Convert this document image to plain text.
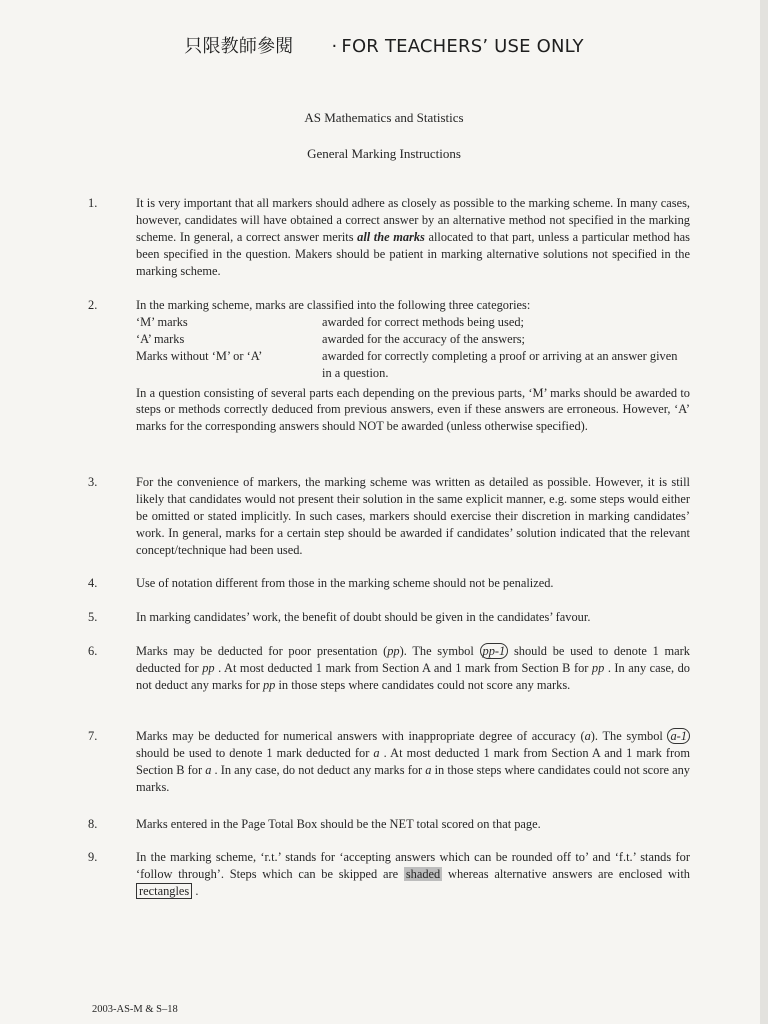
只限教師參閱 · FOR TEACHERS’ USE ONLY
AS Mathematics and Statistics
General Marking Instructions
1.	It is very important that all markers should adhere as closely as possible to the marking scheme. In many cases, however, candidates will have obtained a correct answer by an alternative method not specified in the marking scheme. In general, a correct answer merits all the marks allocated to that part, unless a particular method has been specified in the question. Makers should be patient in marking alternative solutions not specified in the marking scheme.

2.	In the marking scheme, marks are classified into the following three categories:

‘M’ marks	awarded for correct methods being used;
‘A’ marks	awarded for the accuracy of the answers;
Marks without ‘M’ or ‘A’	awarded for correctly completing a proof or arriving at an answer given in a question.

In a question consisting of several parts each depending on the previous parts, ‘M’ marks should be awarded to steps or methods correctly deduced from previous answers, even if these answers are erroneous. However, ‘A’ marks for the corresponding answers should NOT be awarded (unless otherwise specified).

3.	For the convenience of markers, the marking scheme was written as detailed as possible. However, it is still likely that candidates would not present their solution in the same explicit manner, e.g. some steps would either be omitted or stated implicitly. In such cases, markers should exercise their discretion in marking candidates’ work. In general, marks for a certain step should be awarded if candidates’ solution indicated that the relevant concept/technique had been used.

4.	Use of notation different from those in the marking scheme should not be penalized.

5.	In marking candidates’ work, the benefit of doubt should be given in the candidates’ favour.

6.	Marks may be deducted for poor presentation (pp). The symbol pp-1 should be used to denote 1 mark deducted for pp . At most deducted 1 mark from Section A and 1 mark from Section B for pp . In any case, do not deduct any marks for pp in those steps where candidates could not score any marks.

7.	Marks may be deducted for numerical answers with inappropriate degree of accuracy (a). The symbol a-1 should be used to denote 1 mark deducted for a . At most deducted 1 mark from Section A and 1 mark from Section B for a . In any case, do not deduct any marks for a in those steps where candidates could not score any marks.

8.	Marks entered in the Page Total Box should be the NET total scored on that page.

9.	In the marking scheme, ‘r.t.’ stands for ‘accepting answers which can be rounded off to’ and ‘f.t.’ stands for ‘follow through’. Steps which can be skipped are shaded whereas alternative answers are enclosed with rectangles .

2003-AS-M & S–18
